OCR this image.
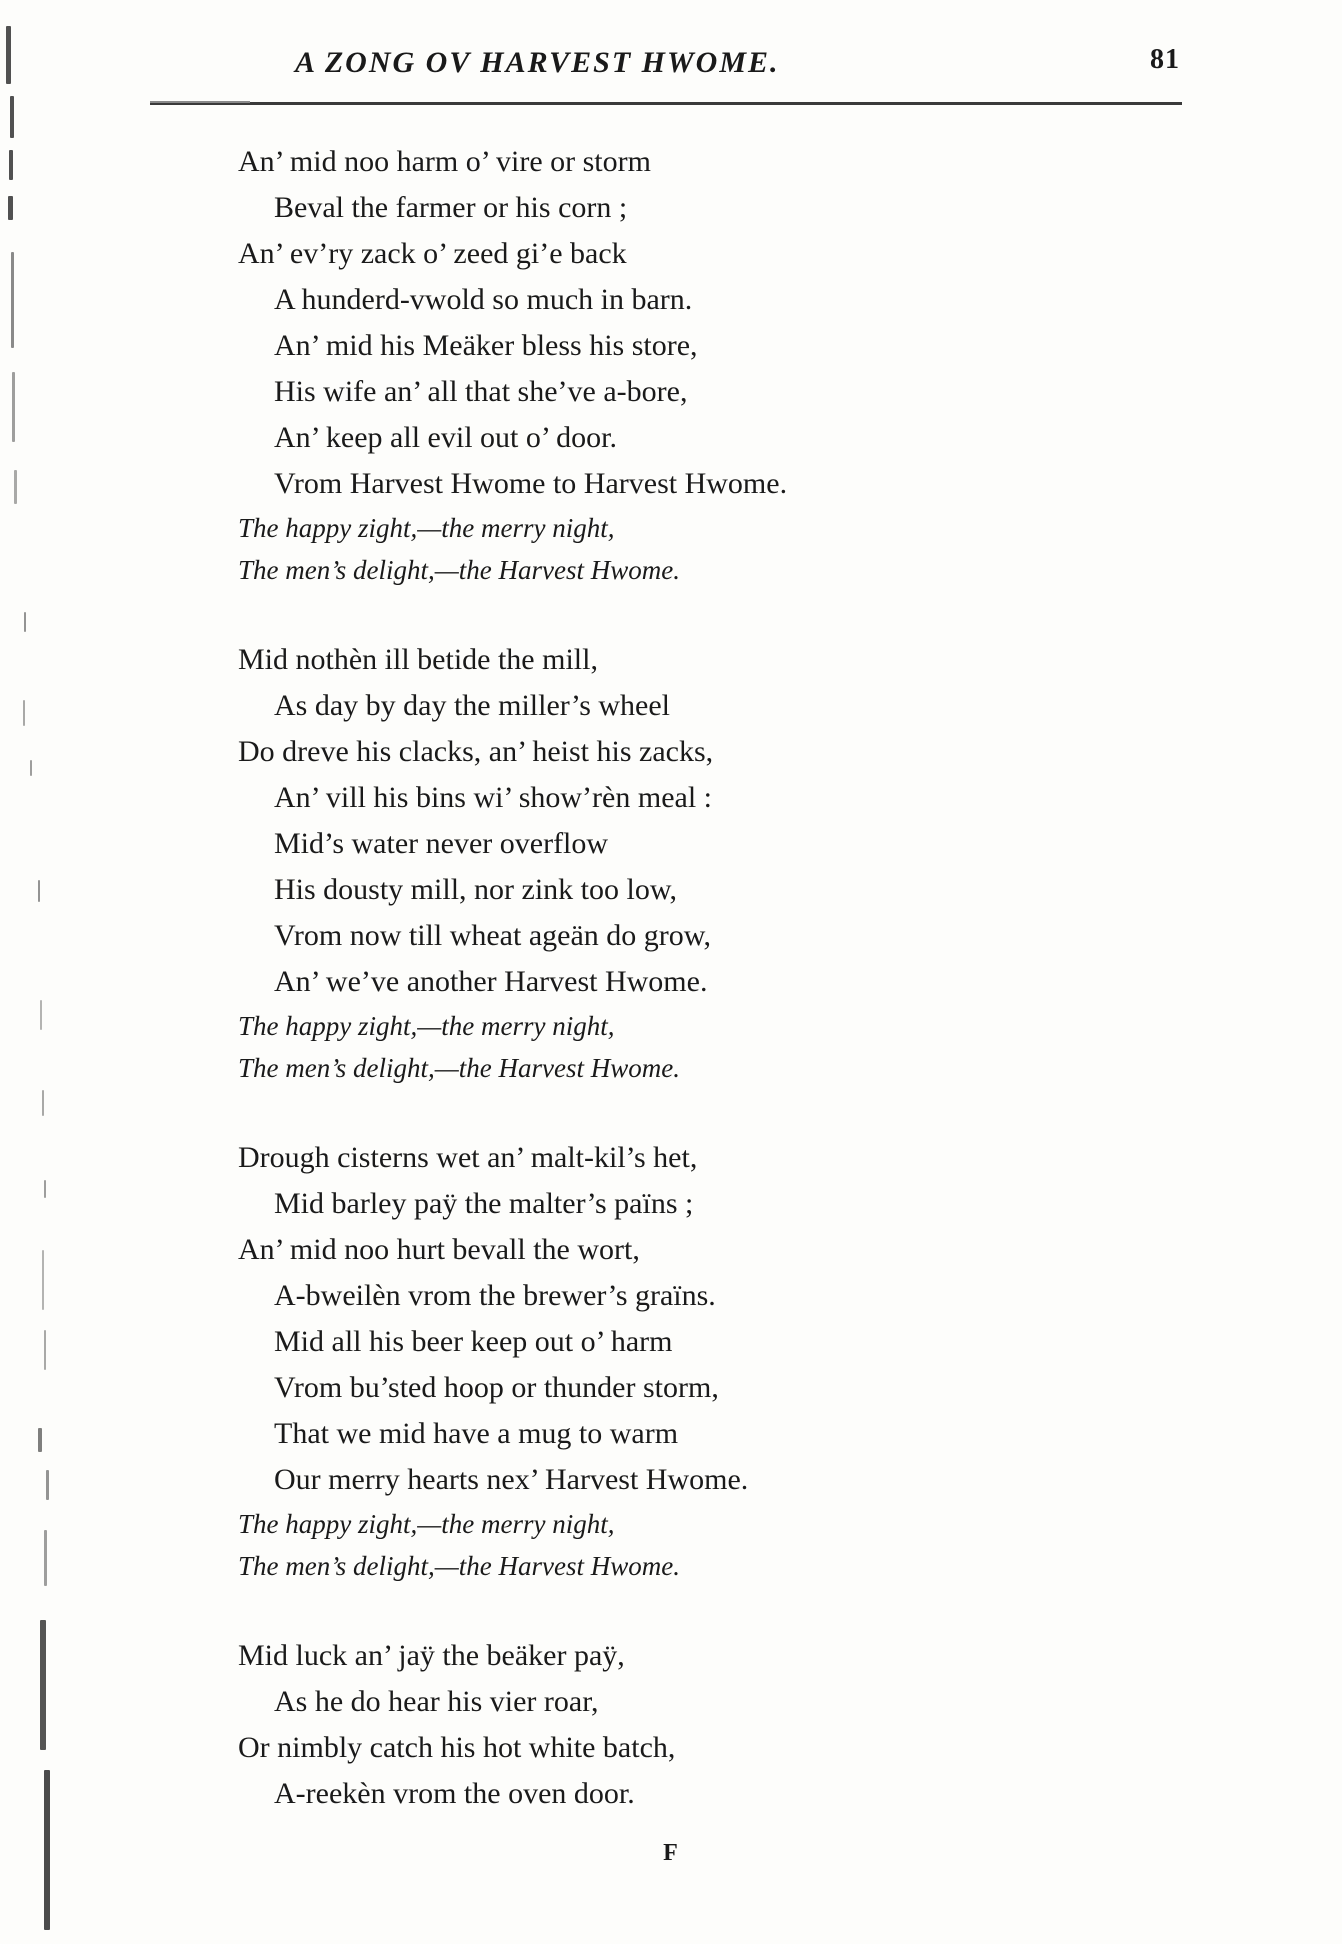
A ZONG OV HARVEST HWOME.	81
An’ mid noo harm o’ vire or storm
Beval the farmer or his corn ;
An’ ev’ry zack o’ zeed gi’e back
A hunderd-vwold so much in barn.
An’ mid his Meäker bless his store,
His wife an’ all that she’ve a-bore,
An’ keep all evil out o’ door.
Vrom Harvest Hwome to Harvest Hwome.
The happy zight,—the merry night,
The men’s delight,—the Harvest Hwome.
Mid nothèn ill betide the mill,
As day by day the miller’s wheel
Do dreve his clacks, an’ heist his zacks,
An’ vill his bins wi’ show’rèn meal :
Mid’s water never overflow
His dousty mill, nor zink too low,
Vrom now till wheat ageän do grow,
An’ we’ve another Harvest Hwome.
The happy zight,—the merry night,
The men’s delight,—the Harvest Hwome.
Drough cisterns wet an’ malt-kil’s het,
Mid barley paÿ the malter’s païns ;
An’ mid noo hurt bevall the wort,
A-bweilèn vrom the brewer’s graïns.
Mid all his beer keep out o’ harm
Vrom bu’sted hoop or thunder storm,
That we mid have a mug to warm
Our merry hearts nex’ Harvest Hwome.
The happy zight,—the merry night,
The men’s delight,—the Harvest Hwome.
Mid luck an’ jaÿ the beäker paÿ,
As he do hear his vier roar,
Or nimbly catch his hot white batch,
A-reekèn vrom the oven door.
F
